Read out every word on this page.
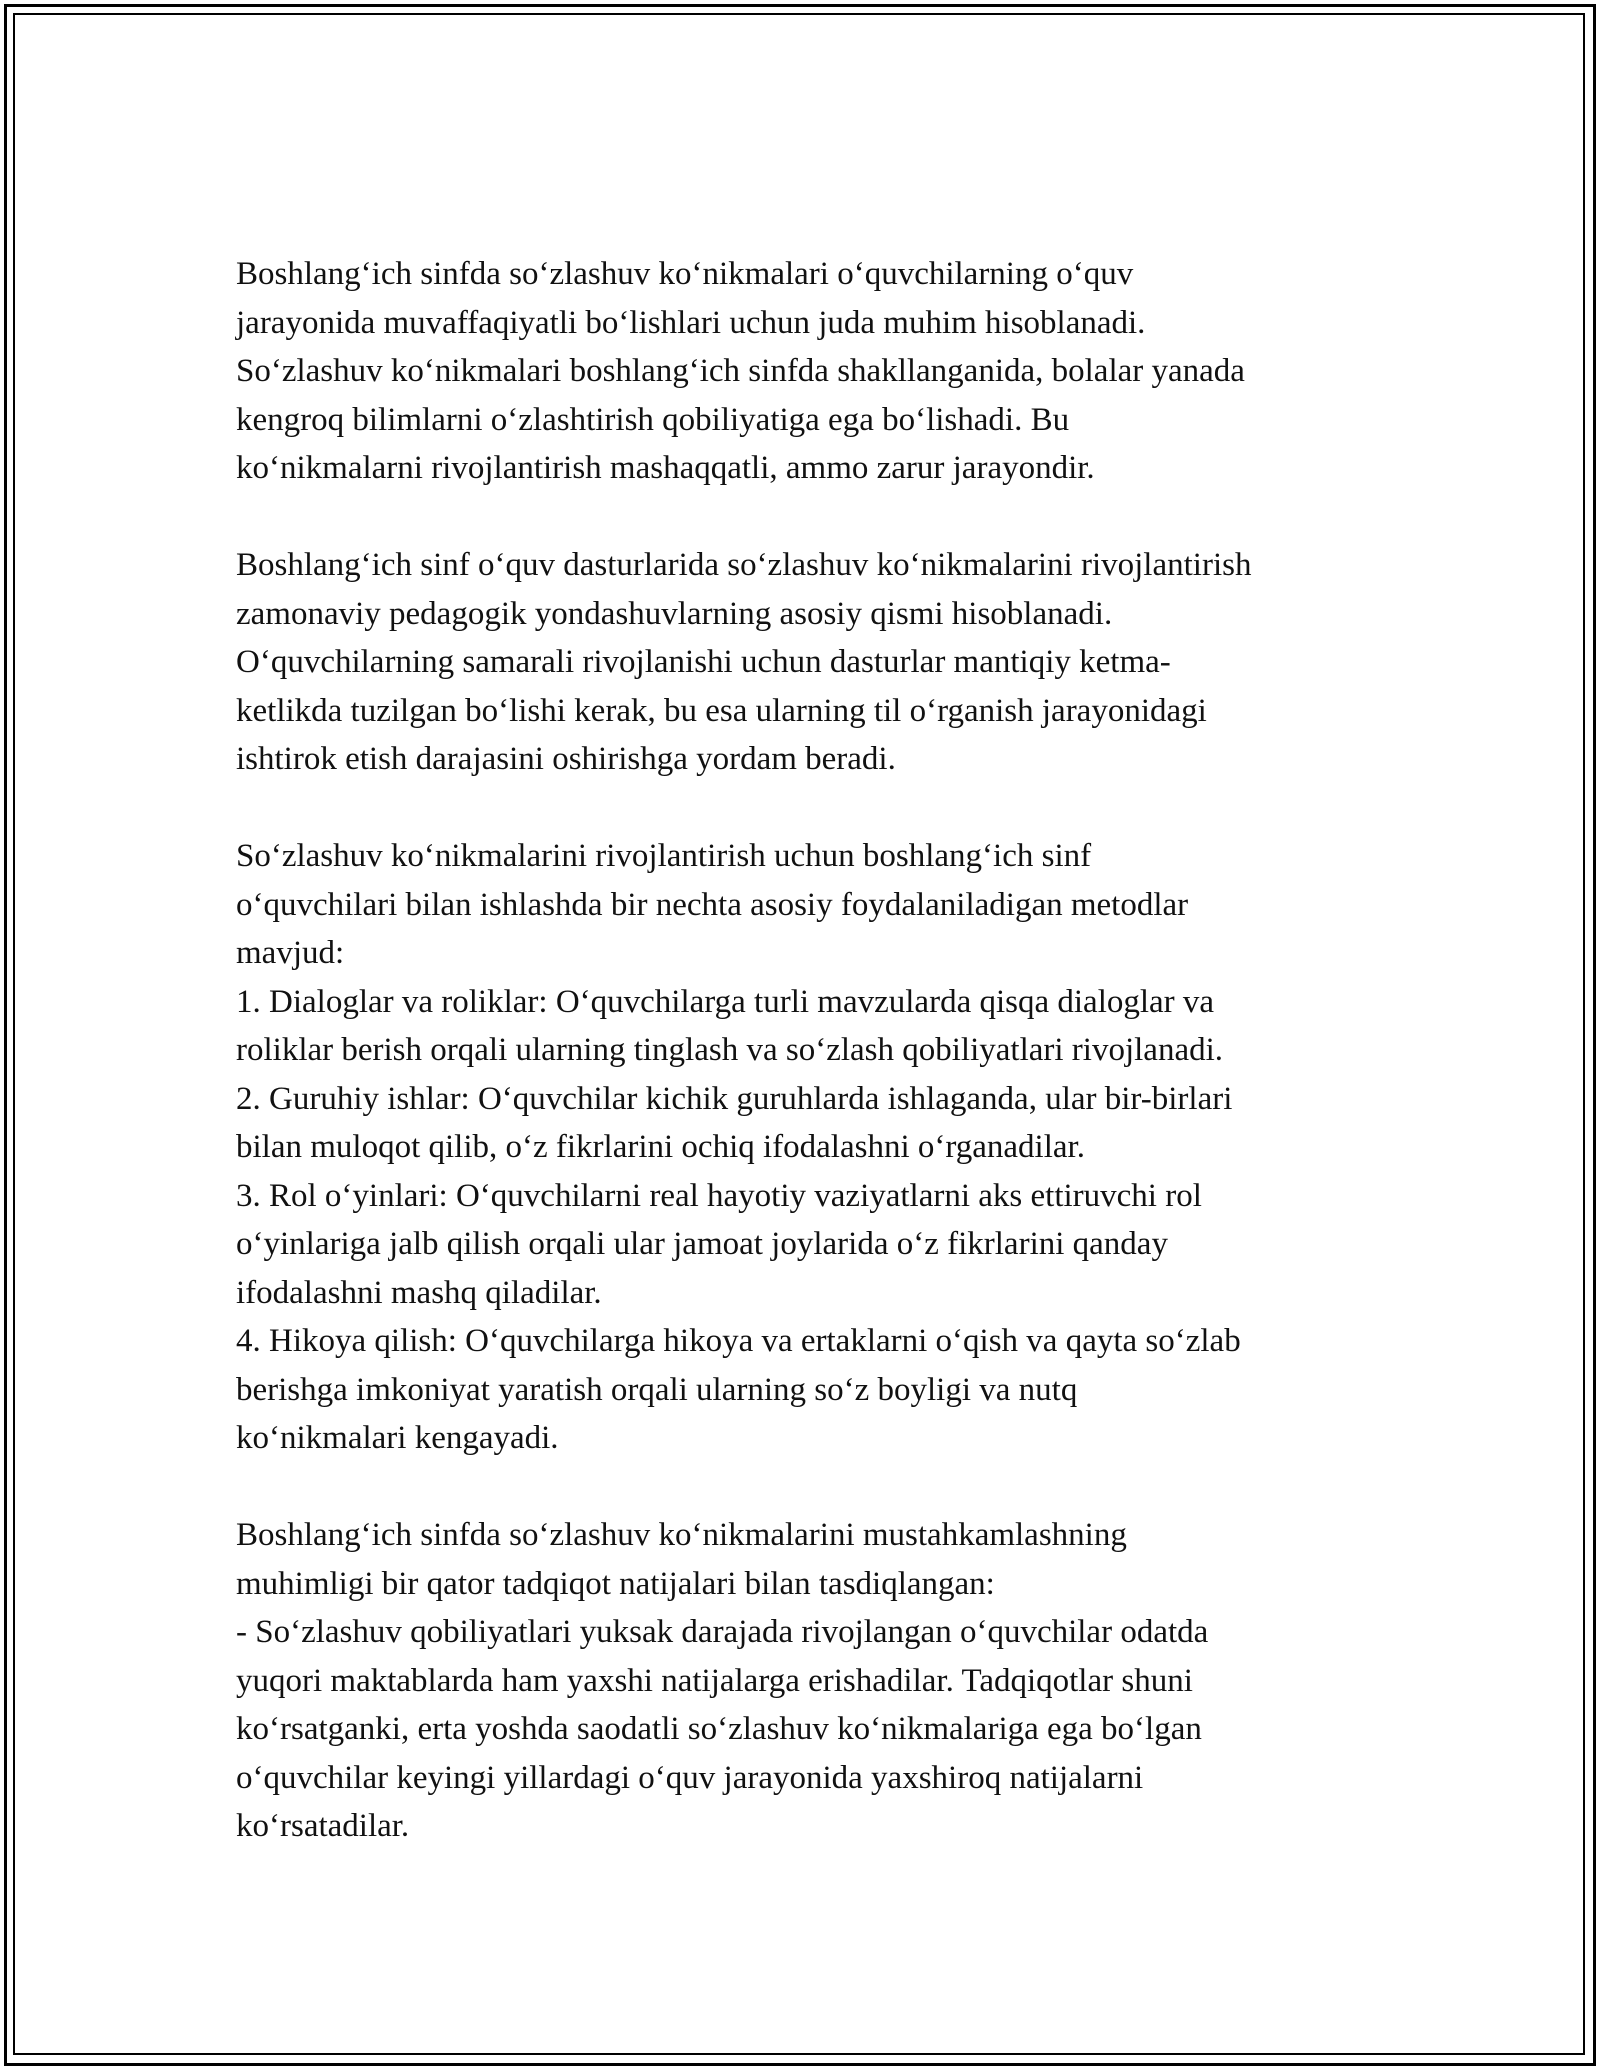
Boshlang‘ich sinfda so‘zlashuv ko‘nikmalari o‘quvchilarning o‘quv
jarayonida muvaffaqiyatli bo‘lishlari uchun juda muhim hisoblanadi.
So‘zlashuv ko‘nikmalari boshlang‘ich sinfda shakllanganida, bolalar yanada
kengroq bilimlarni o‘zlashtirish qobiliyatiga ega bo‘lishadi. Bu
ko‘nikmalarni rivojlantirish mashaqqatli, ammo zarur jarayondir.

Boshlang‘ich sinf o‘quv dasturlarida so‘zlashuv ko‘nikmalarini rivojlantirish
zamonaviy pedagogik yondashuvlarning asosiy qismi hisoblanadi.
O‘quvchilarning samarali rivojlanishi uchun dasturlar mantiqiy ketma-
ketlikda tuzilgan bo‘lishi kerak, bu esa ularning til o‘rganish jarayonidagi
ishtirok etish darajasini oshirishga yordam beradi.

So‘zlashuv ko‘nikmalarini rivojlantirish uchun boshlang‘ich sinf
o‘quvchilari bilan ishlashda bir nechta asosiy foydalaniladigan metodlar
mavjud:
1. Dialoglar va roliklar: O‘quvchilarga turli mavzularda qisqa dialoglar va
roliklar berish orqali ularning tinglash va so‘zlash qobiliyatlari rivojlanadi.
2. Guruhiy ishlar: O‘quvchilar kichik guruhlarda ishlaganda, ular bir-birlari
bilan muloqot qilib, o‘z fikrlarini ochiq ifodalashni o‘rganadilar.
3. Rol o‘yinlari: O‘quvchilarni real hayotiy vaziyatlarni aks ettiruvchi rol
o‘yinlariga jalb qilish orqali ular jamoat joylarida o‘z fikrlarini qanday
ifodalashni mashq qiladilar.
4. Hikoya qilish: O‘quvchilarga hikoya va ertaklarni o‘qish va qayta so‘zlab
berishga imkoniyat yaratish orqali ularning so‘z boyligi va nutq
ko‘nikmalari kengayadi.

Boshlang‘ich sinfda so‘zlashuv ko‘nikmalarini mustahkamlashning
muhimligi bir qator tadqiqot natijalari bilan tasdiqlangan:
- So‘zlashuv qobiliyatlari yuksak darajada rivojlangan o‘quvchilar odatda
yuqori maktablarda ham yaxshi natijalarga erishadilar. Tadqiqotlar shuni
ko‘rsatganki, erta yoshda saodatli so‘zlashuv ko‘nikmalariga ega bo‘lgan
o‘quvchilar keyingi yillardagi o‘quv jarayonida yaxshiroq natijalarni
ko‘rsatadilar.
